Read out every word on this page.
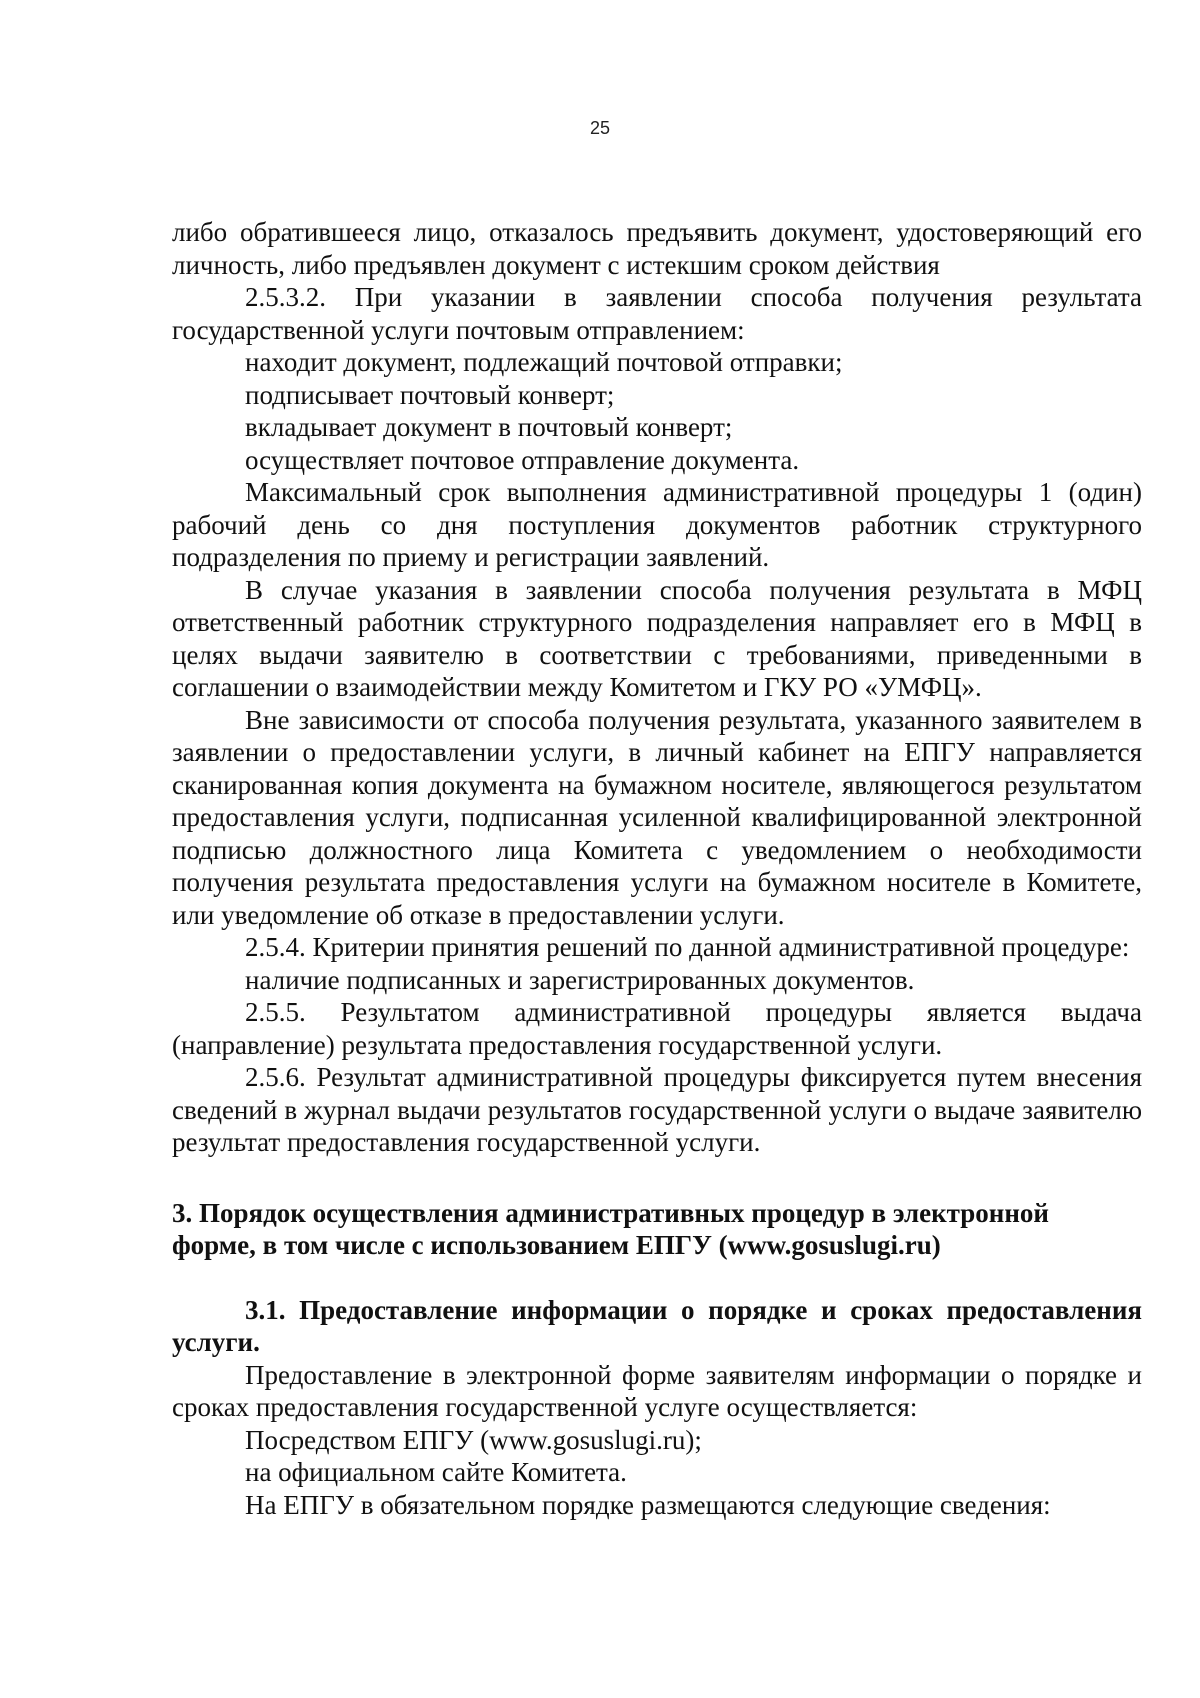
25

либо обратившееся лицо, отказалось предъявить документ, удостоверяющий его личность, либо предъявлен документ с истекшим сроком действия

2.5.3.2. При указании в заявлении способа получения результата государственной услуги почтовым отправлением:

находит документ, подлежащий почтовой отправки;

подписывает почтовый конверт;

вкладывает документ в почтовый конверт;

осуществляет почтовое отправление документа.

Максимальный срок выполнения административной процедуры 1 (один) рабочий день со дня поступления документов работник структурного подразделения по приему и регистрации заявлений.

В случае указания в заявлении способа получения результата в МФЦ ответственный работник структурного подразделения направляет его в МФЦ в целях выдачи заявителю в соответствии с требованиями, приведенными в соглашении о взаимодействии между Комитетом и ГКУ РО «УМФЦ».

Вне зависимости от способа получения результата, указанного заявителем в заявлении о предоставлении услуги, в личный кабинет на ЕПГУ направляется сканированная копия документа на бумажном носителе, являющегося результатом предоставления услуги, подписанная усиленной квалифицированной электронной подписью должностного лица Комитета с уведомлением о необходимости получения результата предоставления услуги на бумажном носителе в Комитете, или уведомление об отказе в предоставлении услуги.

2.5.4. Критерии принятия решений по данной административной процедуре:

наличие подписанных и зарегистрированных документов.

2.5.5. Результатом административной процедуры является выдача (направление) результата предоставления государственной услуги.

2.5.6. Результат административной процедуры фиксируется путем внесения сведений в журнал выдачи результатов государственной услуги о выдаче заявителю результат предоставления государственной услуги.

3. Порядок осуществления административных процедур в электронной
форме, в том числе с использованием ЕПГУ (www.gosuslugi.ru)

3.1. Предоставление информации о порядке и сроках предоставления услуги.

Предоставление в электронной форме заявителям информации о порядке и сроках предоставления государственной услуге осуществляется:

Посредством ЕПГУ (www.gosuslugi.ru);

на официальном сайте Комитета.

На ЕПГУ в обязательном порядке размещаются следующие сведения:
